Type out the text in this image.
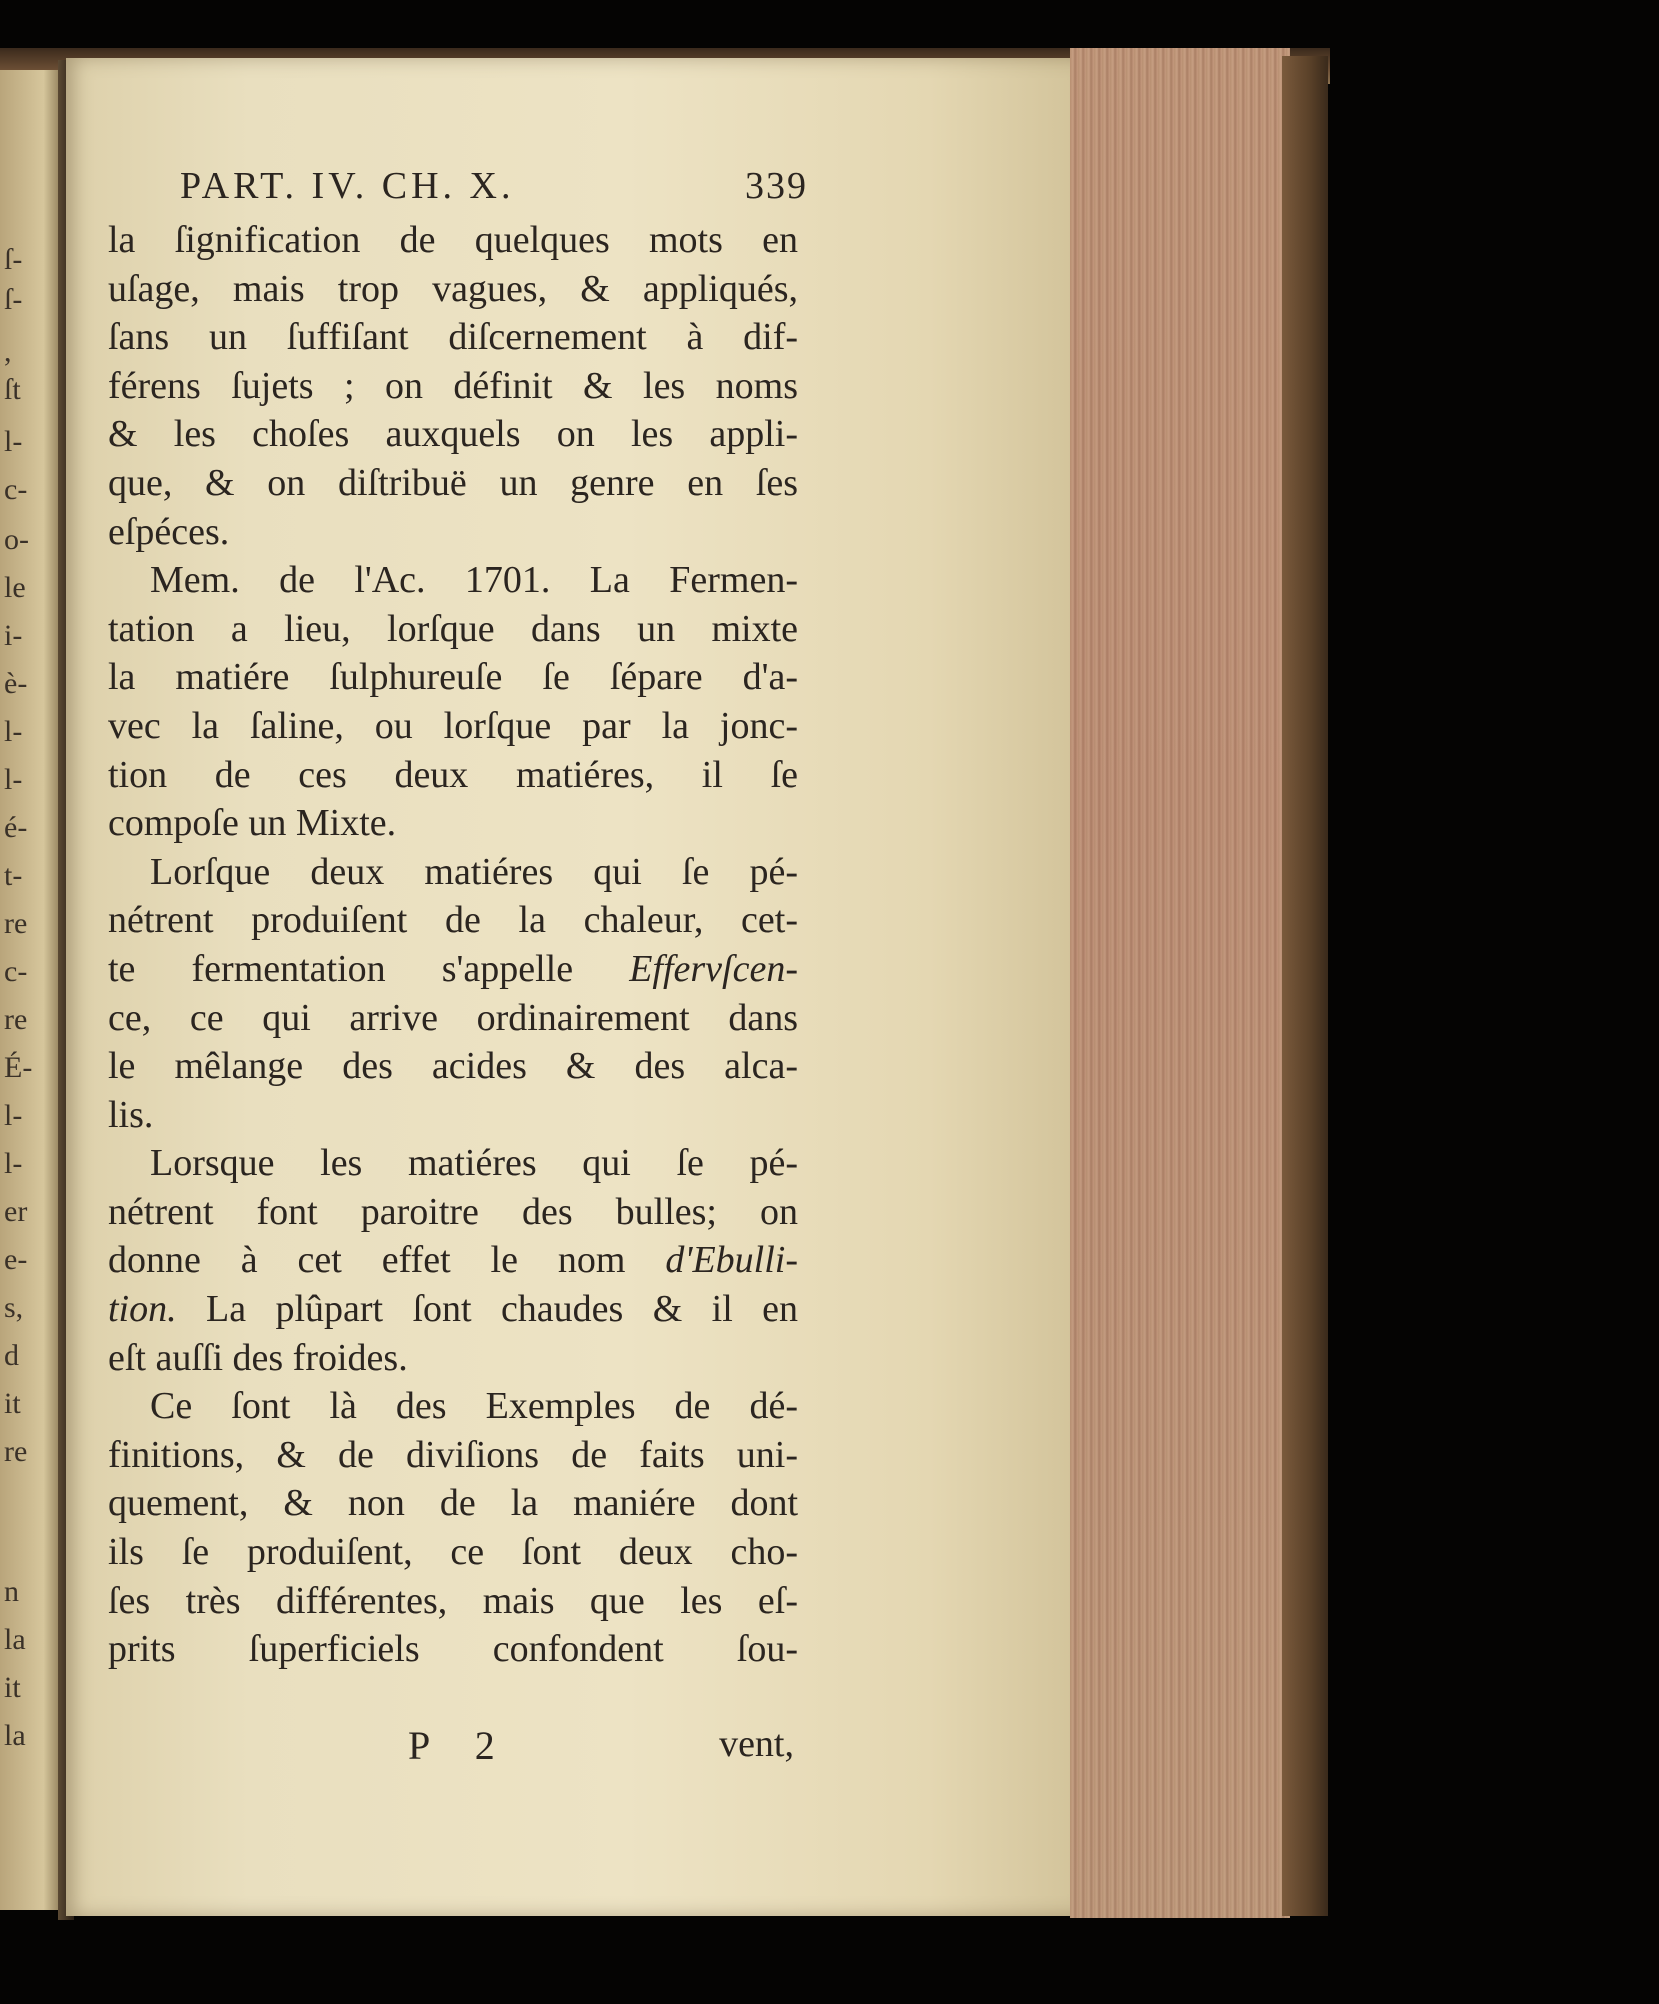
ſ-
ſ-
,
ſt
l-
c-
o-
le
i-
è-
l-
l-
é-
t-
re
c-
re
É-
l-
l-
er
e-
s,
d
it
re
n
la
it
la
PART. IV. CH. X.	339
la ſignification de quelques mots en
uſage, mais trop vagues, & appliqués,
ſans un ſuffiſant diſcernement à dif-
férens ſujets ; on définit & les noms
& les choſes auxquels on les appli-
que, & on diſtribuë un genre en ſes
eſpéces.
Mem. de l'Ac. 1701. La Fermen-
tation a lieu, lorſque dans un mixte
la matiére ſulphureuſe ſe ſépare d'a-
vec la ſaline, ou lorſque par la jonc-
tion de ces deux matiéres, il ſe
compoſe un Mixte.
Lorſque deux matiéres qui ſe pé-
nétrent produiſent de la chaleur, cet-
te fermentation s'appelle Effervſcen-
ce, ce qui arrive ordinairement dans
le mêlange des acides & des alca-
lis.
Lorsque les matiéres qui ſe pé-
nétrent font paroitre des bulles; on
donne à cet effet le nom d'Ebulli-
tion. La plûpart ſont chaudes & il en
eſt auſſi des froides.
Ce ſont là des Exemples de dé-
finitions, & de diviſions de faits uni-
quement, & non de la maniére dont
ils ſe produiſent, ce ſont deux cho-
ſes très différentes, mais que les eſ-
prits ſuperficiels confondent ſou-
P 2	vent,
